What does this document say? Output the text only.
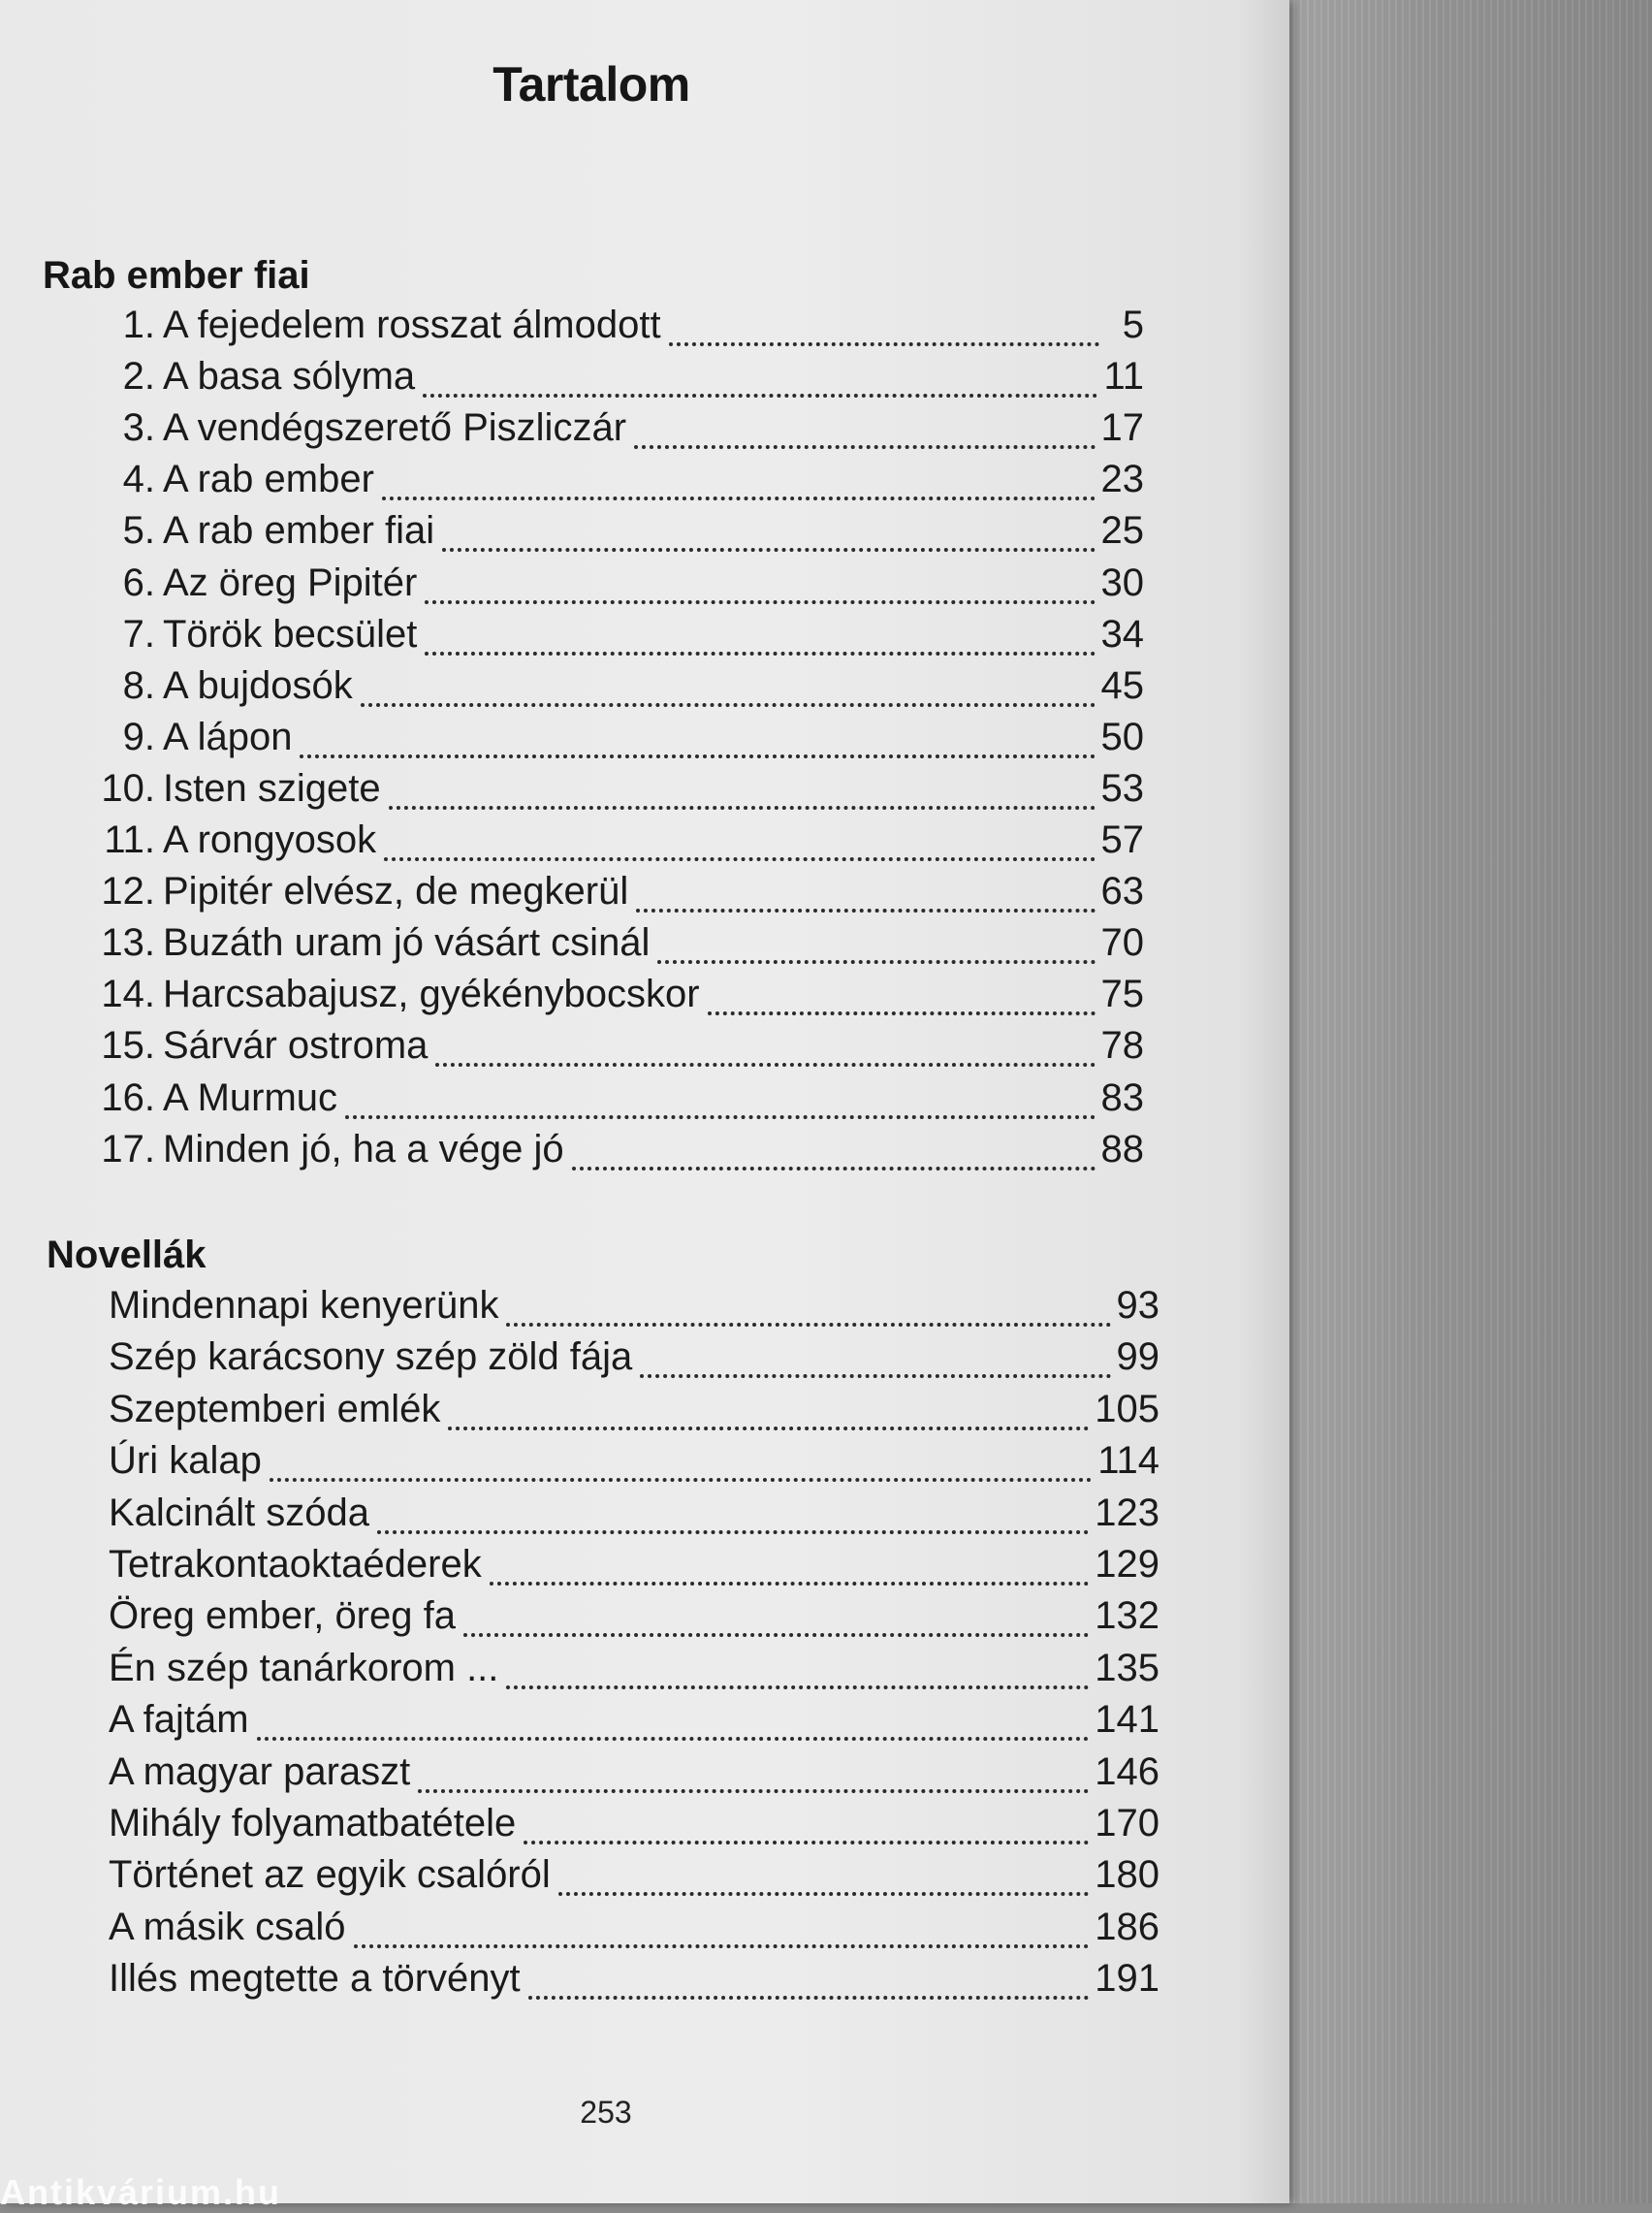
Tartalom
Rab ember fiai
1. A fejedelem rosszat álmodott	5
2. A basa sólyma	11
3. A vendégszerető Piszliczár	17
4. A rab ember	23
5. A rab ember fiai	25
6. Az öreg Pipitér	30
7. Török becsület	34
8. A bujdosók	45
9. A lápon	50
10. Isten szigete	53
11. A rongyosok	57
12. Pipitér elvész, de megkerül	63
13. Buzáth uram jó vásárt csinál	70
14. Harcsabajusz, gyékénybocskor	75
15. Sárvár ostroma	78
16. A Murmuc	83
17. Minden jó, ha a vége jó	88
Novellák
Mindennapi kenyerünk	93
Szép karácsony szép zöld fája	99
Szeptemberi emlék	105
Úri kalap	114
Kalcinált szóda	123
Tetrakontaoktaéderek	129
Öreg ember, öreg fa	132
Én szép tanárkorom ...	135
A fajtám	141
A magyar paraszt	146
Mihály folyamatbatétele	170
Történet az egyik csalóról	180
A másik csaló	186
Illés megtette a törvényt	191
253
Antikvárium.hu
